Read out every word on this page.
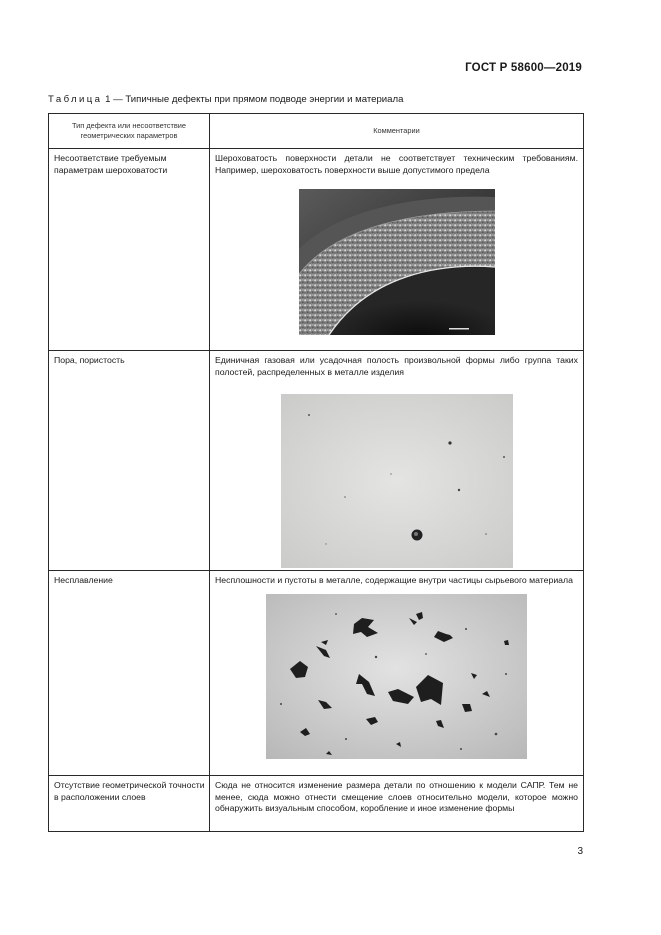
ГОСТ Р 58600—2019
Таблица 1 — Типичные дефекты при прямом подводе энергии и материала
Тип дефекта или несоответствие геометрических параметров	Комментарии

Несоответствие требуемым параметрам шероховатости	Шероховатость поверхности детали не соответствует техническим требованиям. Например, шероховатость поверхности выше допустимого предела

Пора, пористость	Единичная газовая или усадочная полость произвольной формы либо группа таких полостей, распределенных в металле изделия

Несплавление	Несплошности и пустоты в металле, содержащие внутри частицы сырьевого материала

Отсутствие геометрической точности в расположении слоев	Сюда не относится изменение размера детали по отношению к модели САПР. Тем не менее, сюда можно отнести смещение слоев относительно модели, которое можно обнаружить визуальным способом, коробление и иное изменение формы
3
